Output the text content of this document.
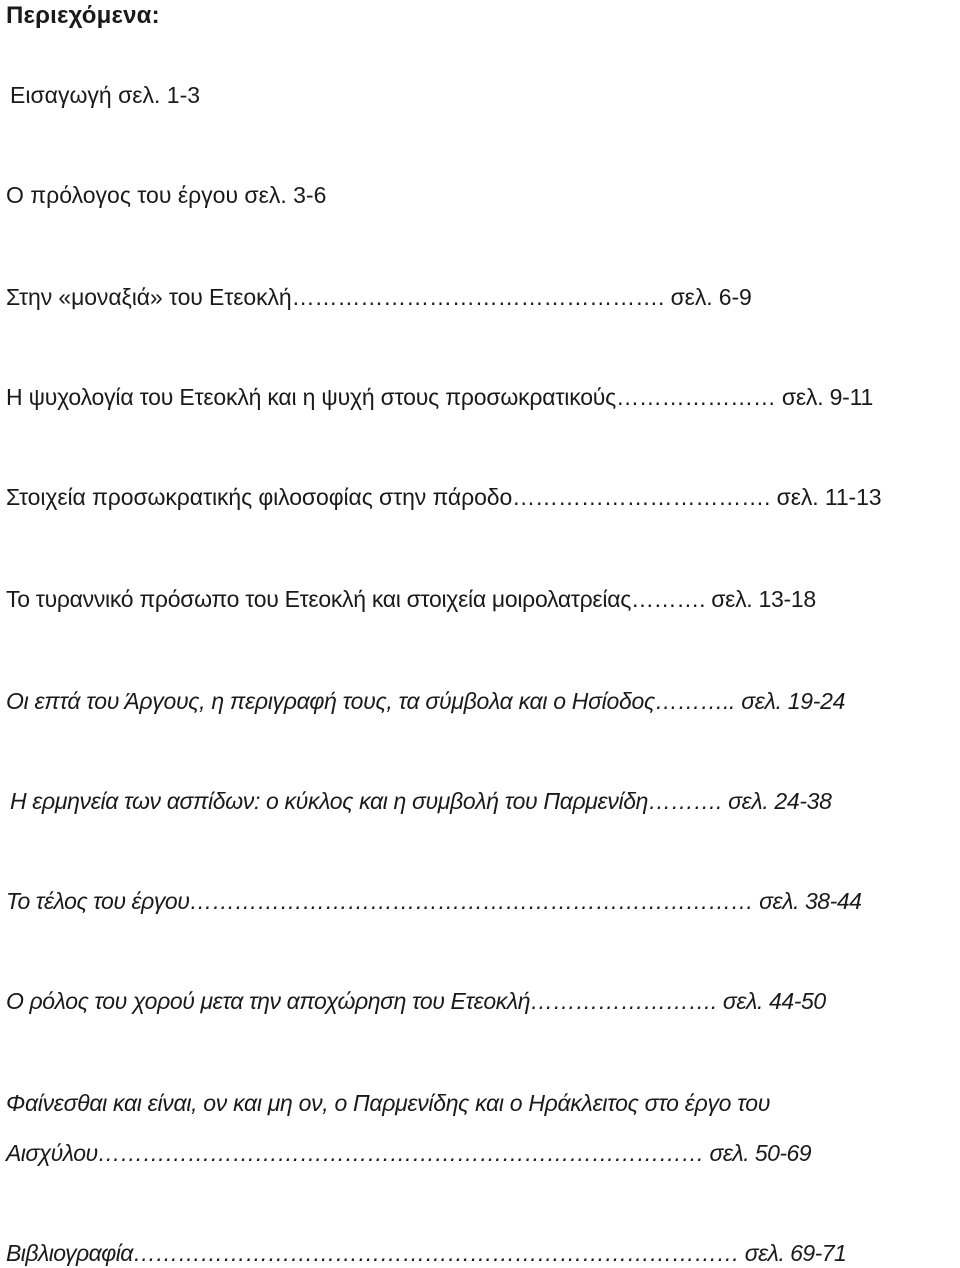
Περιεχόμενα:
Εισαγωγή σελ. 1-3
Ο πρόλογος του έργου σελ. 3-6
Στην «μοναξιά» του Ετεοκλή…………………………………………. σελ. 6-9
Η ψυχολογία του Ετεοκλή και η ψυχή στους προσωκρατικούς………………… σελ. 9-11
Στοιχεία προσωκρατικής φιλοσοφίας στην πάροδο……………………………. σελ. 11-13
Το τυραννικό πρόσωπο του Ετεοκλή και στοιχεία μοιρολατρείας………. σελ. 13-18
Οι επτά του Άργους, η περιγραφή τους, τα σύμβολα και ο Ησίοδος……….. σελ. 19-24
Η ερμηνεία των ασπίδων: ο κύκλος και η συμβολή του Παρμενίδη………. σελ. 24-38
Το τέλος του έργου………………………………………………………………… σελ. 38-44
Ο ρόλος του χορού μετα την αποχώρηση του Ετεοκλή……………………. σελ. 44-50
Φαίνεσθαι και είναι, ον και μη ον, ο Παρμενίδης και ο Ηράκλειτος στο έργο του
Αισχύλου……………………………………………………………………… σελ. 50-69
Βιβλιογραφία……………………………………………………………………… σελ. 69-71
